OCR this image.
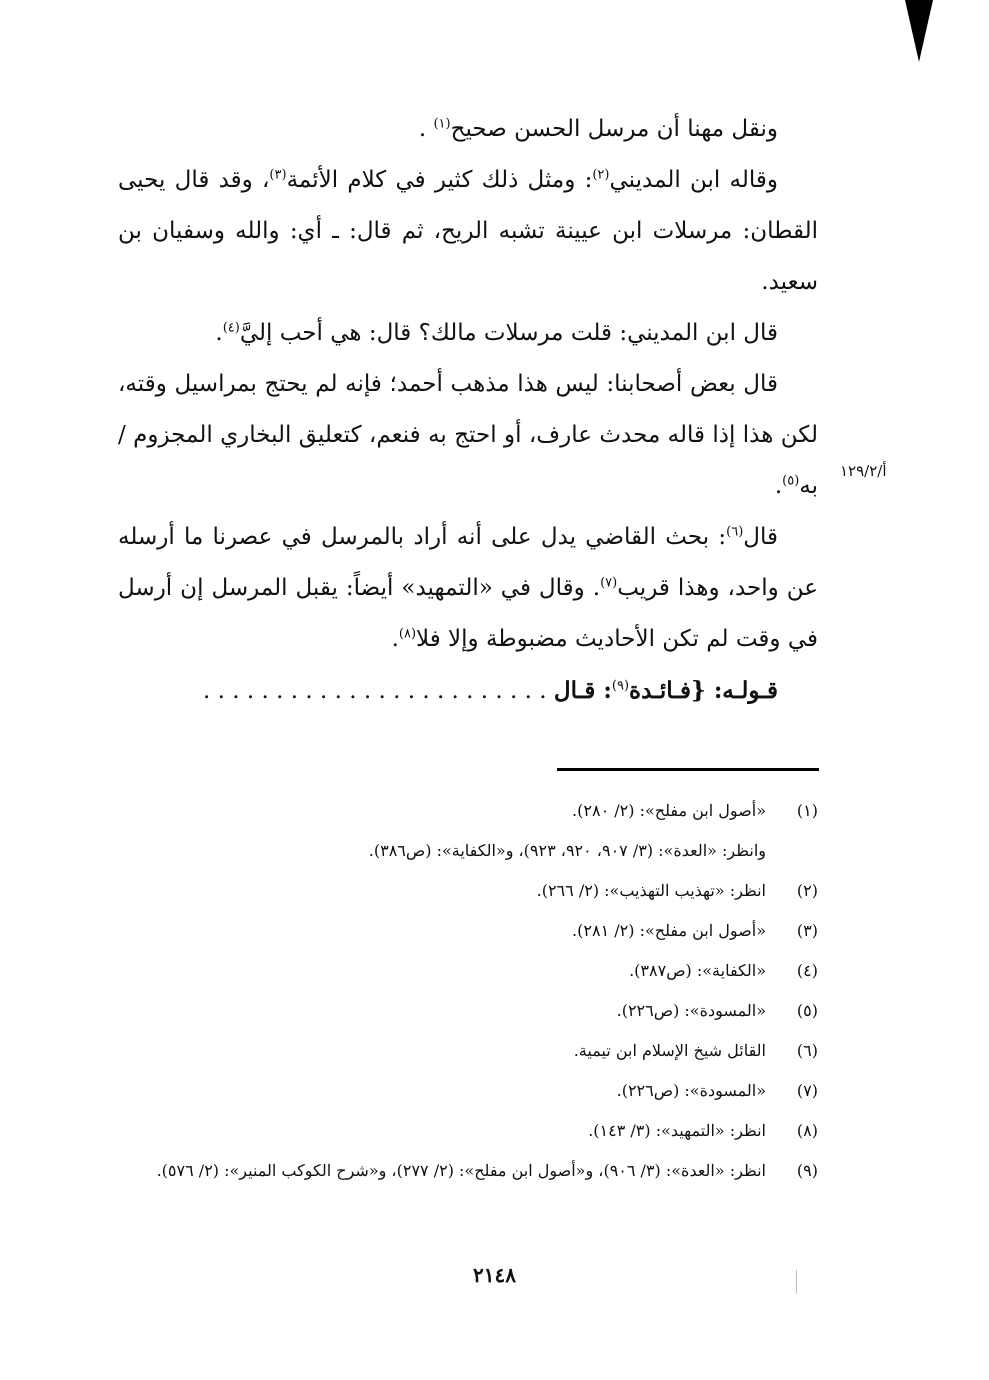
ونقل مهنا أن مرسل الحسن صحيح$^{(١)}$ .

وقاله ابن المديني$^{(٢)}$: ومثل ذلك كثير في كلام الأئمة$^{(٣)}$، وقد قال يحيى القطان: مرسلات ابن عيينة تشبه الريح، ثم قال: ـ أي: والله وسفيان بن سعيد.

قال ابن المديني: قلت مرسلات مالك؟ قال: هي أحب إليَّ$^{(٤)}$.

قال بعض أصحابنا: ليس هذا مذهب أحمد؛ فإنه لم يحتج بمراسيل وقته، لكن هذا إذا قاله محدث عارف، أو احتج به فنعم، كتعليق البخاري المجزوم / به$^{(٥)}$.

قال$^{(٦)}$: بحث القاضي يدل على أنه أراد بالمرسل في عصرنا ما أرسله عن واحد، وهذا قريب$^{(٧)}$. وقال في «التمهيد» أيضاً: يقبل المرسل إن أرسل في وقت لم تكن الأحاديث مضبوطة وإلا فلا$^{(٨)}$.

قـولـه: {فـائـدة$^{(٩)}$: قـال . . . . . . . . . . . . . . . . . . . . . . . .

أ/١٢٩/٢
(١)
«أصول ابن مفلح»: (٢/ ٢٨٠).
وانظر: «العدة»: (٣/ ٩٠٧، ٩٢٠، ٩٢٣)، و«الكفاية»: (ص٣٨٦).
(٢)
انظر: «تهذيب التهذيب»: (٢/ ٢٦٦).
(٣)
«أصول ابن مفلح»: (٢/ ٢٨١).
(٤)
«الكفاية»: (ص٣٨٧).
(٥)
«المسودة»: (ص٢٢٦).
(٦)
القائل شيخ الإسلام ابن تيمية.
(٧)
«المسودة»: (ص٢٢٦).
(٨)
انظر: «التمهيد»: (٣/ ١٤٣).
(٩)
انظر: «العدة»: (٣/ ٩٠٦)، و«أصول ابن مفلح»: (٢/ ٢٧٧)، و«شرح الكوكب المنير»: (٢/ ٥٧٦).
٢١٤٨
